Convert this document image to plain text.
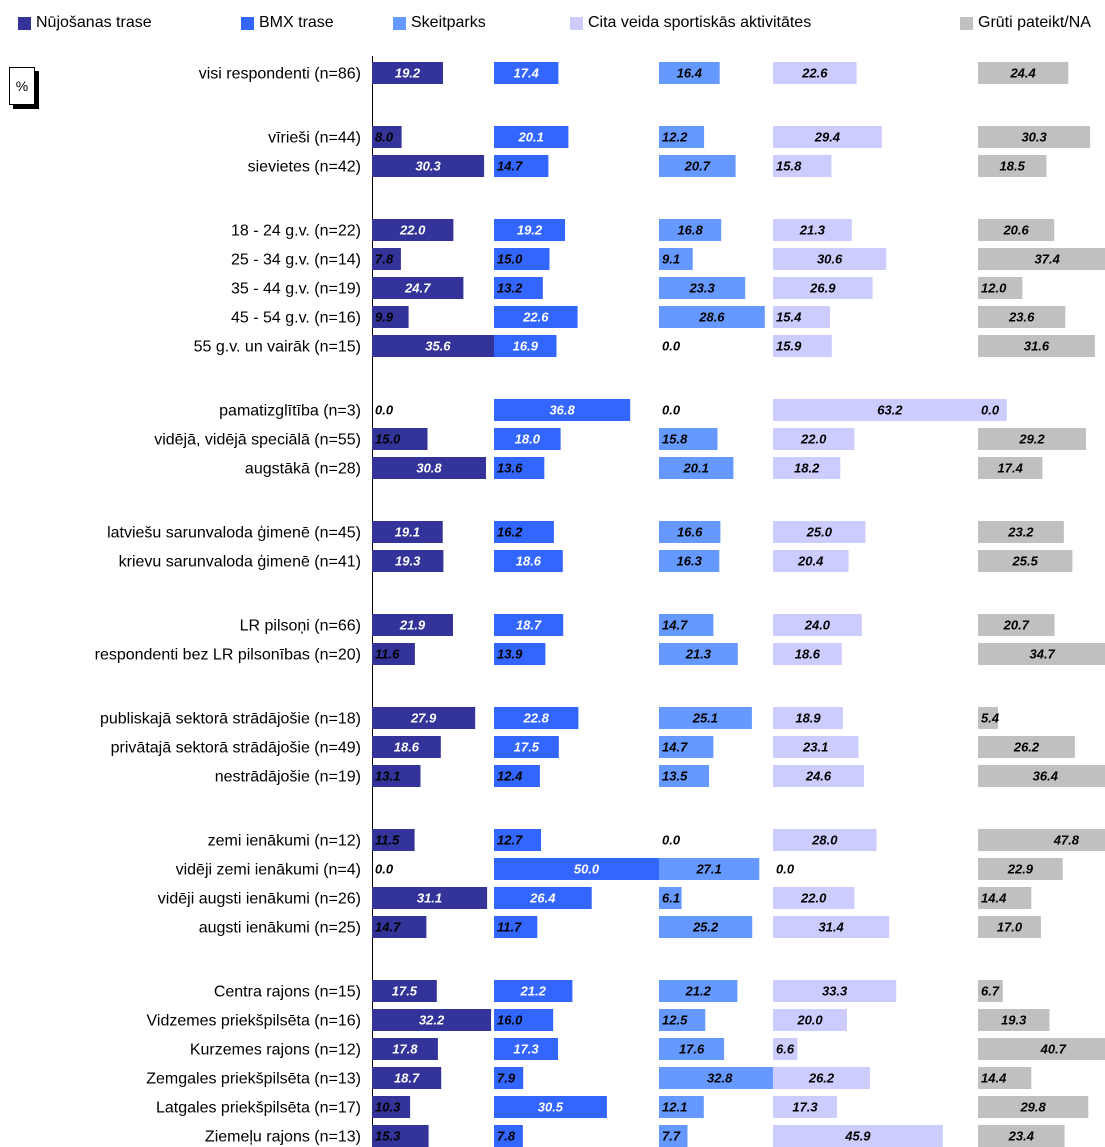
Nūjošanas trase	BMX trase	Skeitparks	Cita veida sportiskās aktivitātes	Grūti pateikt/NA
%
visi respondenti (n=86)	19.2	17.4	16.4	22.6	24.4
vīrieši (n=44) 8.0	20.1	12.2	29.4	30.3
sievietes (n=42)	30.3	14.7	20.7	15.8	18.5
18 - 24 g.v. (n=22)	22.0	19.2	16.8	21.3	20.6
25 - 34 g.v. (n=14) 7.8	15.0	9.1	30.6	37.4
35 - 44 g.v. (n=19)	24.7	13.2	23.3	26.9	12.0
45 - 54 g.v. (n=16) 9.9	22.6	28.6	15.4	23.6
55 g.v. un vairāk (n=15)	35.6	16.9	0.0	15.9	31.6
pamatizglītība (n=3) 0.0	36.8	0.0	63.2	0.0
vidējā, vidējā speciālā (n=55) 15.0	18.0	15.8	22.0	29.2
augstākā (n=28)	30.8	13.6	20.1	18.2	17.4
latviešu sarunvaloda ģimenē (n=45)	19.1	16.2	16.6	25.0	23.2
krievu sarunvaloda ģimenē (n=41)	19.3	18.6	16.3	20.4	25.5
LR pilsoņi (n=66)	21.9	18.7	14.7	24.0	20.7
respondenti bez LR pilsonības (n=20) 11.6	13.9	21.3	18.6	34.7
publiskajā sektorā strādājošie (n=18)	27.9	22.8	25.1	18.9	5.4
privātajā sektorā strādājošie (n=49)	18.6	17.5	14.7	23.1	26.2
nestrādājošie (n=19) 13.1	12.4	13.5	24.6	36.4
zemi ienākumi (n=12) 11.5	12.7	0.0	28.0	47.8
vidēji zemi ienākumi (n=4) 0.0	50.0	27.1	0.0	22.9
vidēji augsti ienākumi (n=26)	31.1	26.4	6.1	22.0	14.4
augsti ienākumi (n=25) 14.7	11.7	25.2	31.4	17.0
Centra rajons (n=15) 17.5	21.2	21.2	33.3	6.7
Vidzemes priekšpilsēta (n=16)	32.2	16.0	12.5	20.0	19.3
Kurzemes rajons (n=12) 17.8	17.3	17.6	6.6	40.7
Zemgales priekšpilsēta (n=13)	18.7	7.9	32.8	26.2	14.4
Latgales priekšpilsēta (n=17) 10.3	30.5	12.1	17.3	29.8
Ziemeļu rajons (n=13) 15.3	7.8	7.7	45.9	23.4
